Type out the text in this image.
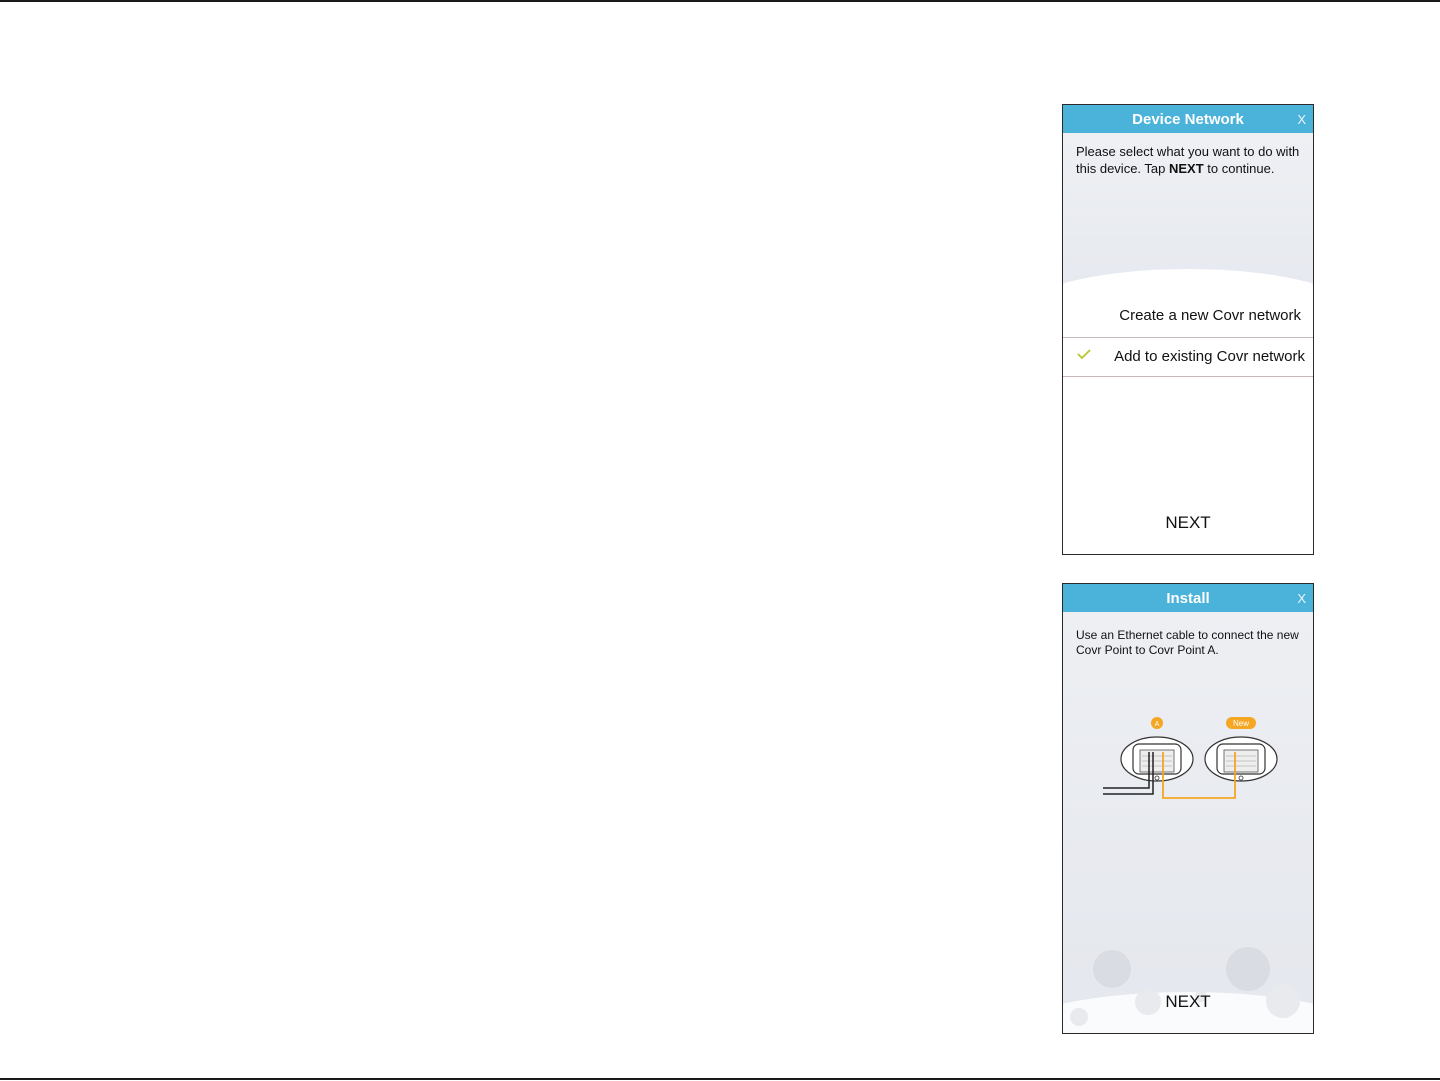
Device Network	X
Please select what you want to do with this device. Tap NEXT to continue.
Create a new Covr network
Add to existing Covr network
NEXT
Install	X
Use an Ethernet cable to connect the new Covr Point to Covr Point A.
A	New
NEXT
